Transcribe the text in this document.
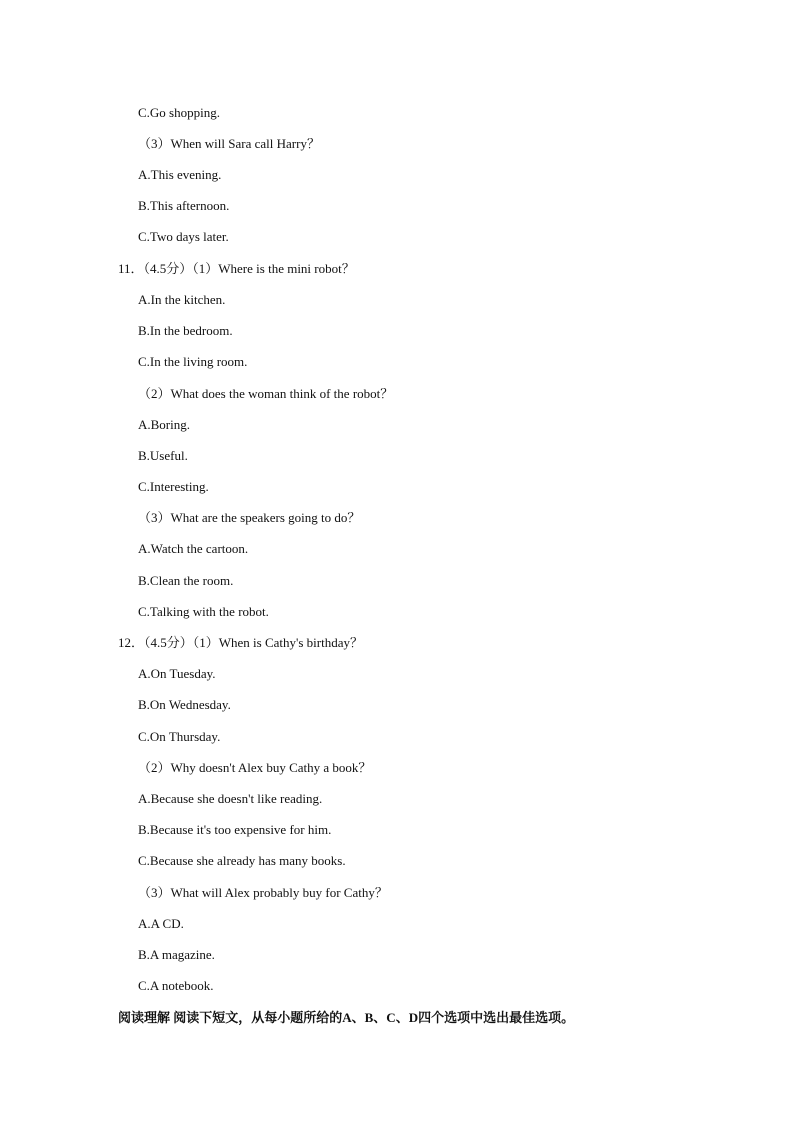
C.Go shopping.
（3）When will Sara call Harry？
A.This evening.
B.This afternoon.
C.Two days later.
11．（4.5分）（1）Where is the mini robot？
A.In the kitchen.
B.In the bedroom.
C.In the living room.
（2）What does the woman think of the robot？
A.Boring.
B.Useful.
C.Interesting.
（3）What are the speakers going to do？
A.Watch the cartoon.
B.Clean the room.
C.Talking with the robot.
12．（4.5分）（1）When is Cathy's birthday？
A.On Tuesday.
B.On Wednesday.
C.On Thursday.
（2）Why doesn't Alex buy Cathy a book？
A.Because she doesn't like reading.
B.Because it's too expensive for him.
C.Because she already has many books.
（3）What will Alex probably buy for Cathy？
A.A CD.
B.A magazine.
C.A notebook.
阅读理解 阅读下短文，从每小题所给的A、B、C、D四个选项中选出最佳选项。
